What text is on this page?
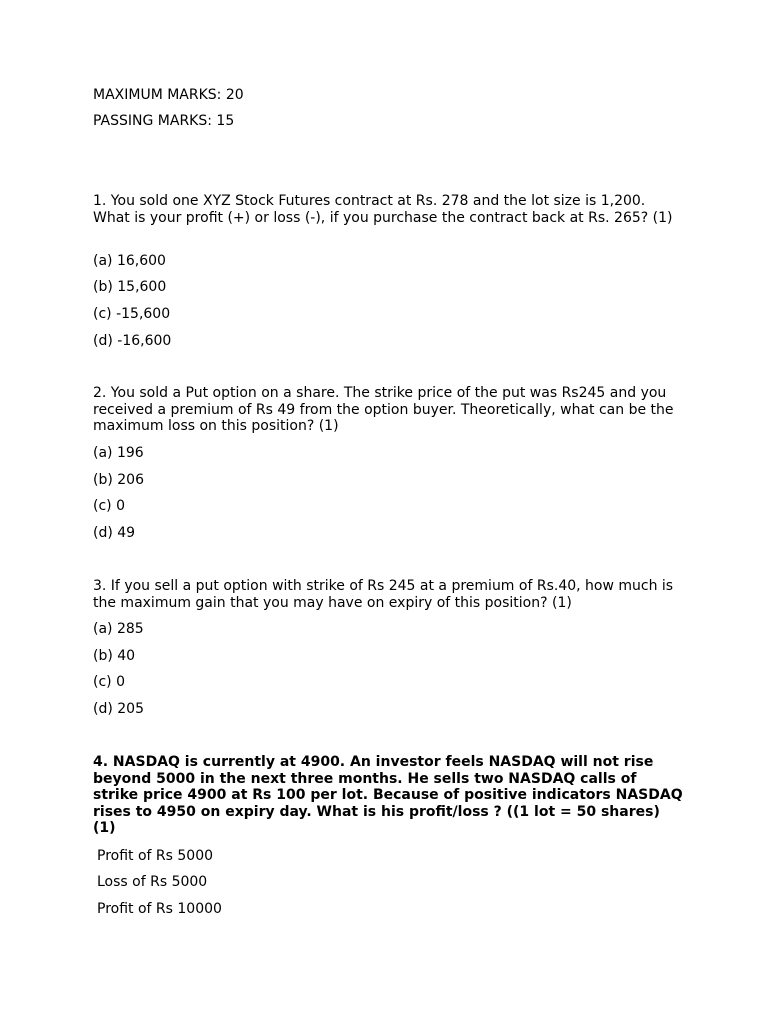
MAXIMUM MARKS: 20
PASSING MARKS: 15
1. You sold one XYZ Stock Futures contract at Rs. 278 and the lot size is 1,200. What is your profit (+) or loss (-), if you purchase the contract back at Rs. 265? (1)
(a) 16,600
(b) 15,600
(c) -15,600
(d) -16,600
2. You sold a Put option on a share. The strike price of the put was Rs245 and you received a premium of Rs 49 from the option buyer. Theoretically, what can be the maximum loss on this position? (1)
(a) 196
(b) 206
(c) 0
(d) 49
3. If you sell a put option with strike of Rs 245 at a premium of Rs.40, how much is the maximum gain that you may have on expiry of this position? (1)
(a) 285
(b) 40
(c) 0
(d) 205
4. NASDAQ is currently at 4900. An investor feels NASDAQ will not rise beyond 5000 in the next three months. He sells two NASDAQ calls of strike price 4900 at Rs 100 per lot. Because of positive indicators NASDAQ rises to 4950 on expiry day. What is his profit/loss ? ((1 lot = 50 shares) (1)
Profit of Rs 5000
Loss of Rs 5000
Profit of Rs 10000
